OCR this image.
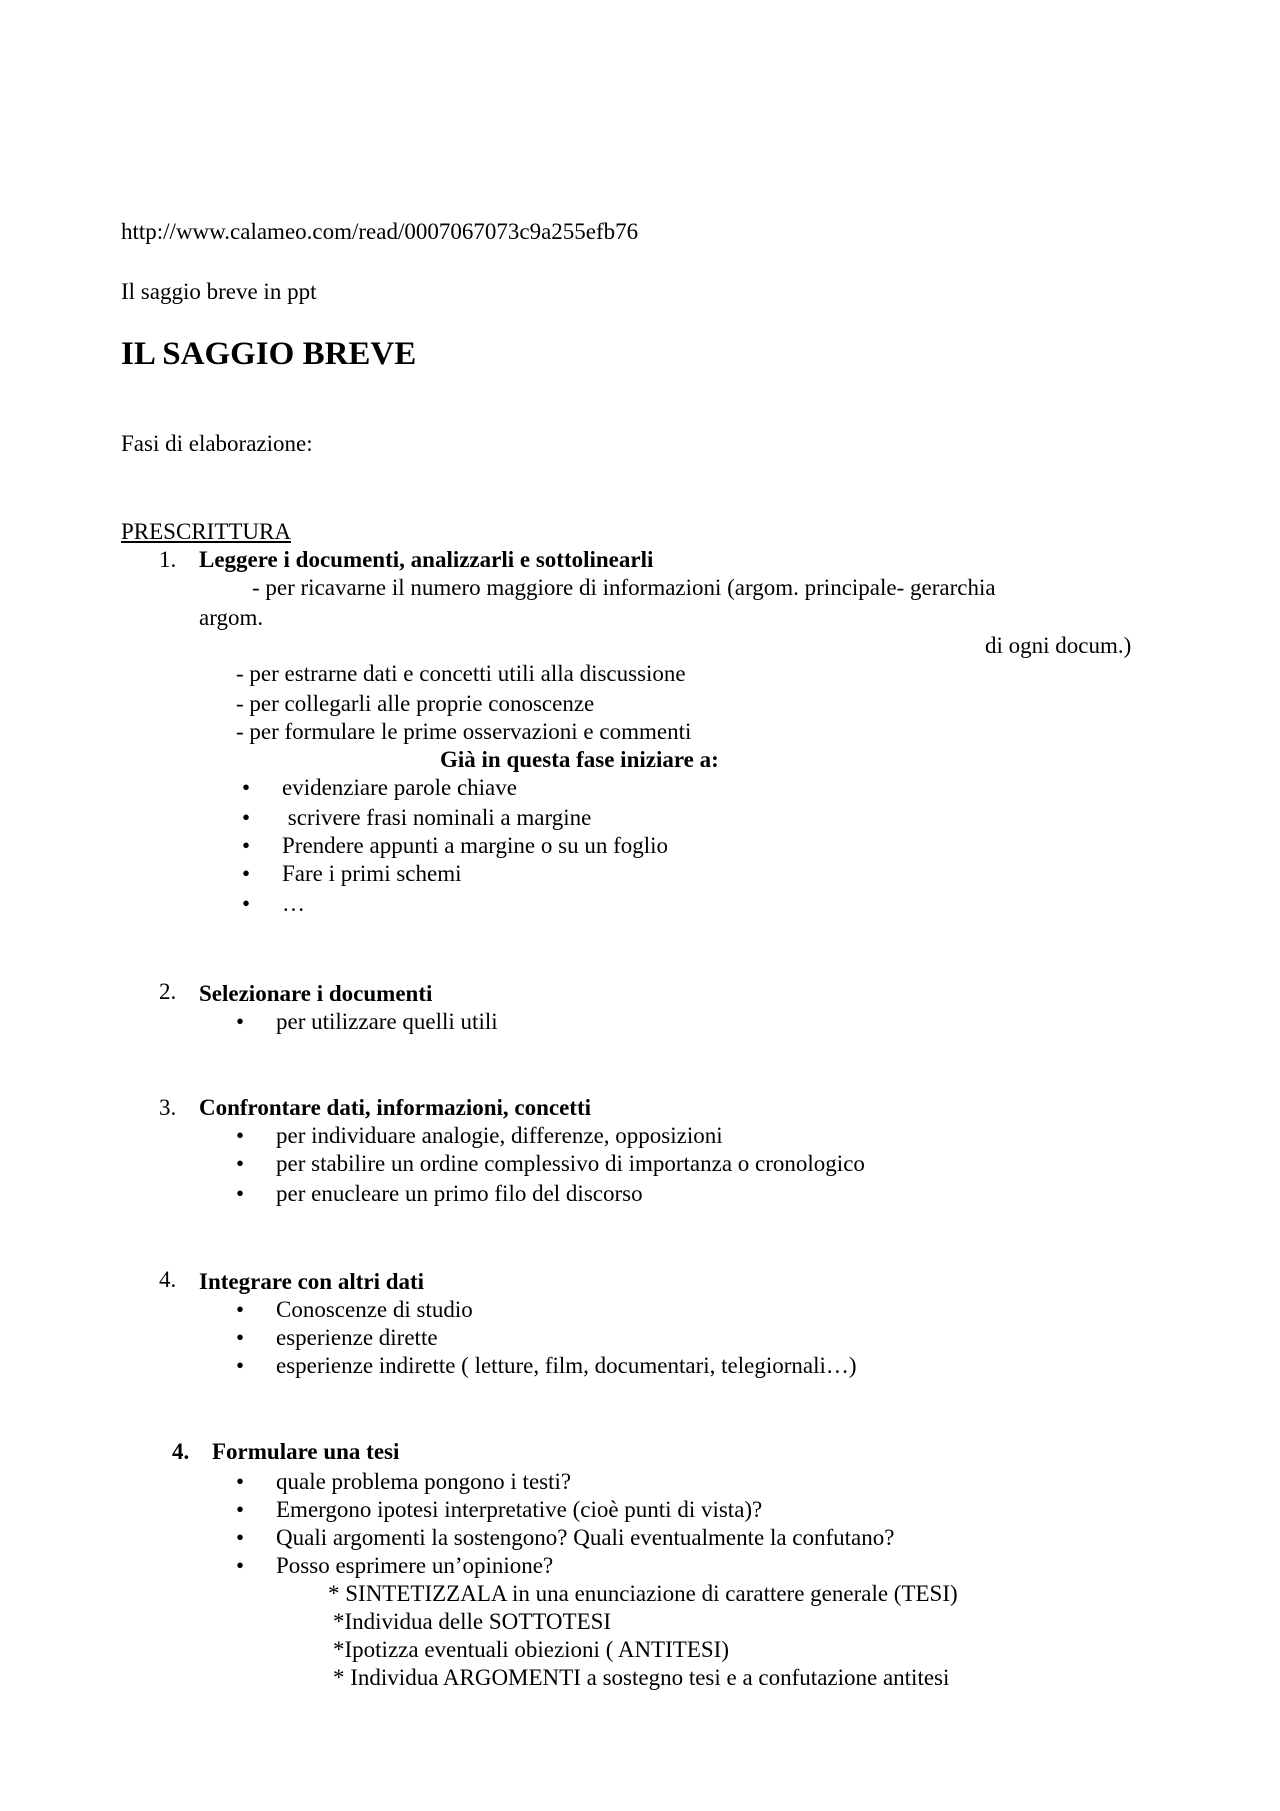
http://www.calameo.com/read/0007067073c9a255efb76
Il saggio breve in ppt
IL SAGGIO BREVE
Fasi di elaborazione:
PRESCRITTURA
1. Leggere i documenti, analizzarli e sottolinearli
- per ricavarne il numero maggiore di informazioni (argom. principale- gerarchia
argom.
di ogni docum.)
- per estrarne dati e concetti utili alla discussione
- per collegarli alle proprie conoscenze
- per formulare le prime osservazioni e commenti
Già in questa fase iniziare a:
• evidenziare parole chiave
• scrivere frasi nominali a margine
• Prendere appunti a margine o su un foglio
• Fare i primi schemi
• …
2. Selezionare i documenti
• per utilizzare quelli utili
3. Confrontare dati, informazioni, concetti
• per individuare analogie, differenze, opposizioni
• per stabilire un ordine complessivo di importanza o cronologico
• per enucleare un primo filo del discorso
4. Integrare con altri dati
• Conoscenze di studio
• esperienze dirette
• esperienze indirette ( letture, film, documentari, telegiornali…)
4. Formulare una tesi
• quale problema pongono i testi?
• Emergono ipotesi interpretative (cioè punti di vista)?
• Quali argomenti la sostengono? Quali eventualmente la confutano?
• Posso esprimere un’opinione?
* SINTETIZZALA in una enunciazione di carattere generale (TESI)
*Individua delle SOTTOTESI
*Ipotizza eventuali obiezioni ( ANTITESI)
* Individua ARGOMENTI a sostegno tesi e a confutazione antitesi
